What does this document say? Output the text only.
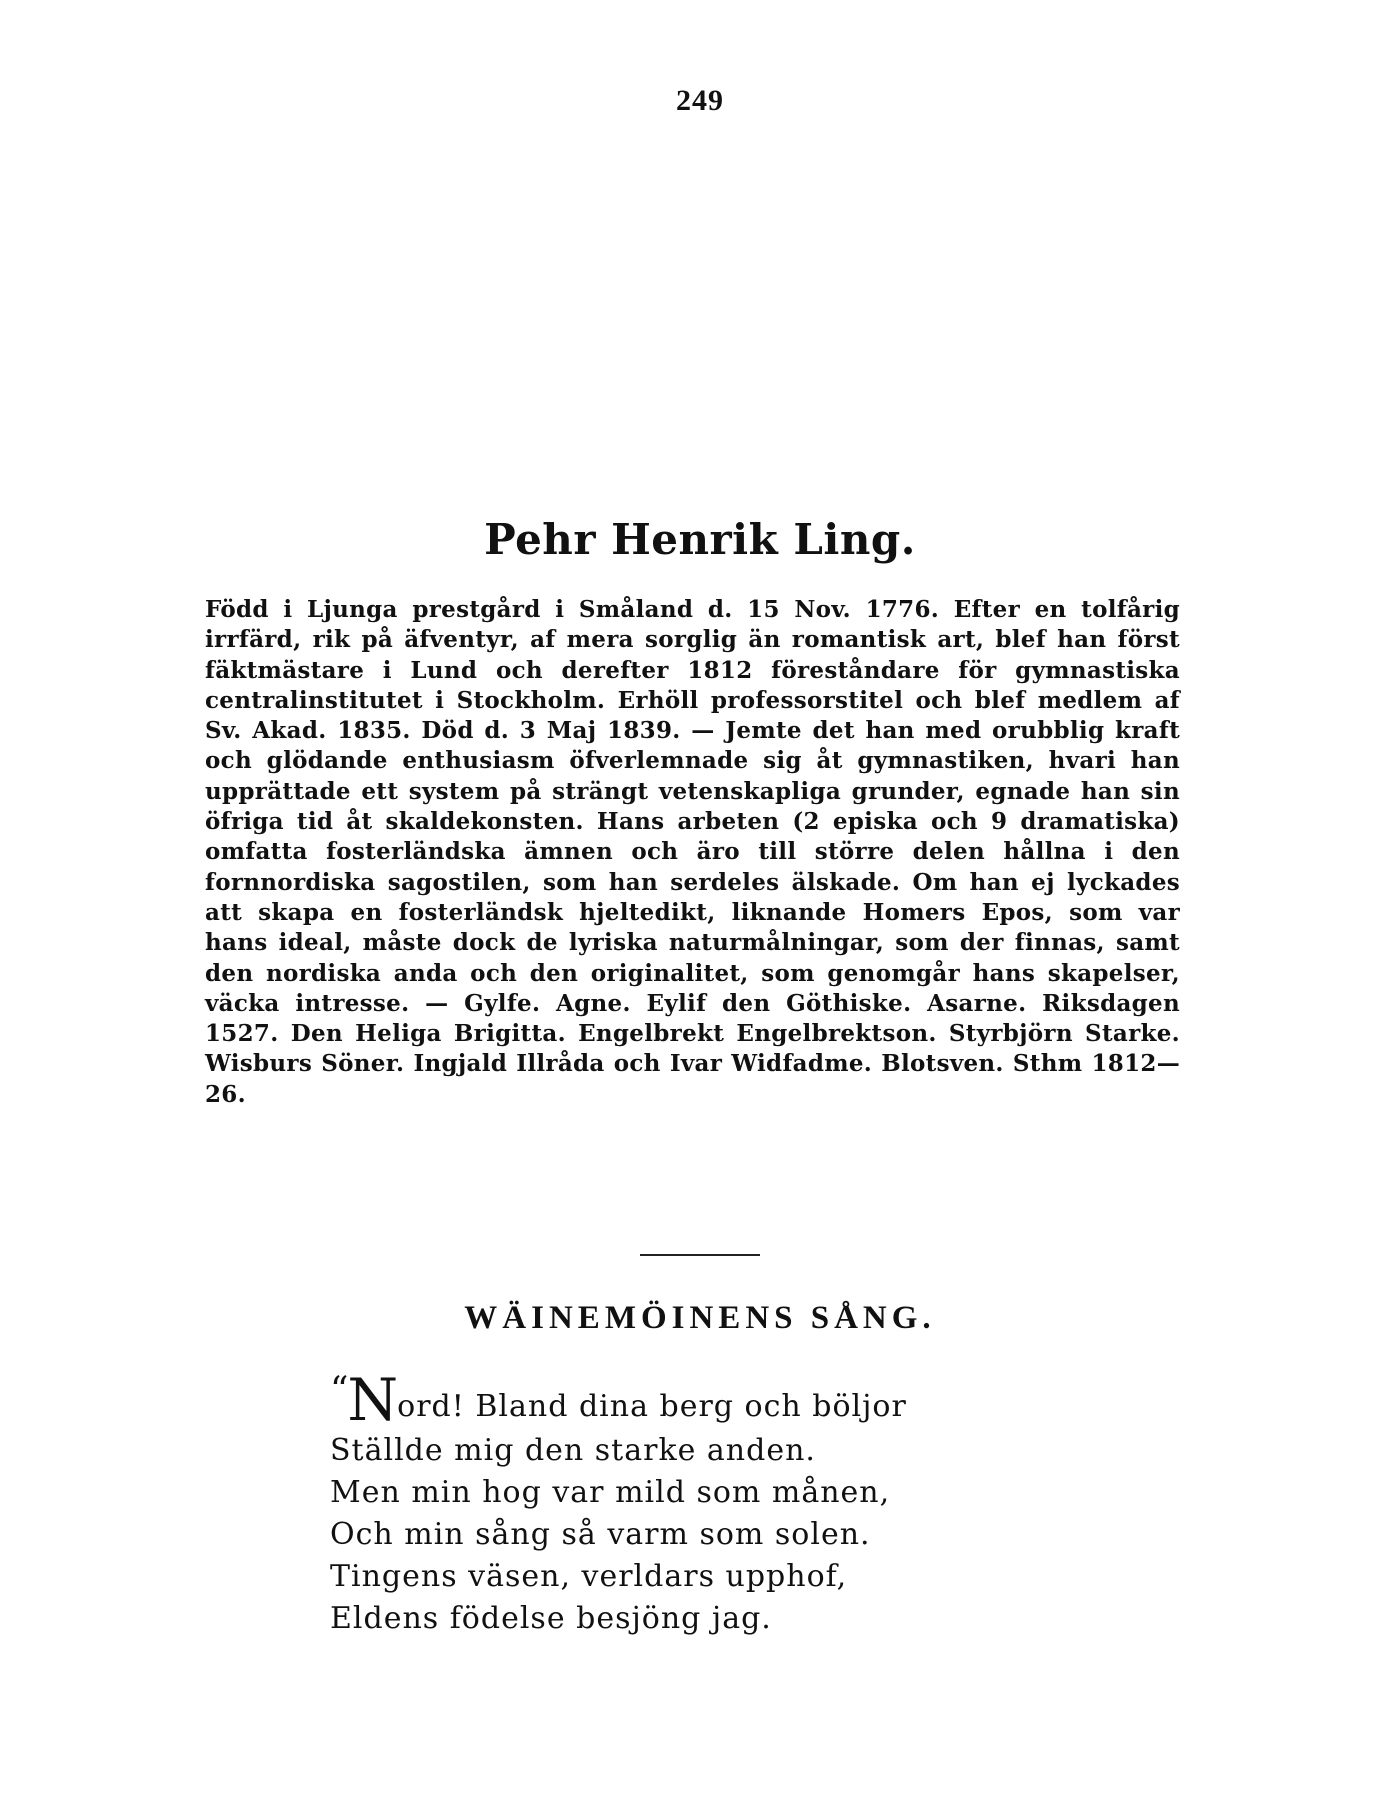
249
Pehr Henrik Ling.

Född i Ljunga prestgård i Småland d. 15 Nov. 1776. Efter en tolfårig irrfärd, rik på äfventyr, af mera sorglig än romantisk art, blef han först fäktmästare i Lund och derefter 1812 föreståndare för gymnastiska centralinstitutet i Stockholm. Erhöll professorstitel och blef medlem af Sv. Akad. 1835. Död d. 3 Maj 1839. — Jemte det han med orubblig kraft och glödande enthusiasm öfverlemnade sig åt gymnastiken, hvari han upprättade ett system på strängt vetenskapliga grunder, egnade han sin öfriga tid åt skaldekonsten. Hans arbeten (2 episka och 9 dramatiska) omfatta fosterländska ämnen och äro till större delen hållna i den fornnordiska sagostilen, som han serdeles älskade. Om han ej lyckades att skapa en fosterländsk hjeltedikt, liknande Homers Epos, som var hans ideal, måste dock de lyriska naturmålningar, som der finnas, samt den nordiska anda och den originalitet, som genomgår hans skapelser, väcka intresse. — Gylfe. Agne. Eylif den Göthiske. Asarne. Riksdagen 1527. Den Heliga Brigitta. Engelbrekt Engelbrektson. Styrbjörn Starke. Wisburs Söner. Ingjald Illråda och Ivar Widfadme. Blotsven. Sthm 1812—26.

WÄINEMÖINENS SÅNG.
“Nord! Bland dina berg och böljor
Ställde mig den starke anden.
Men min hog var mild som månen,
Och min sång så varm som solen.
Tingens väsen, verldars upphof,
Eldens födelse besjöng jag.
